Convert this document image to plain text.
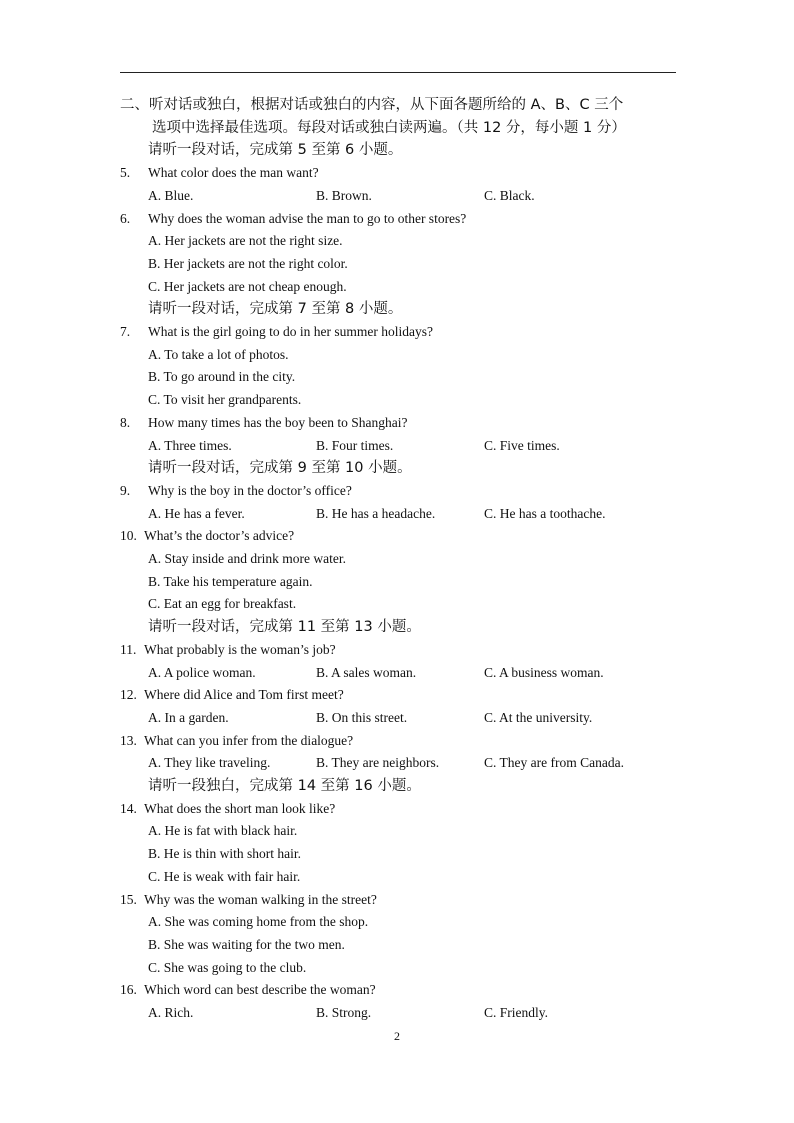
二、听对话或独白，根据对话或独白的内容，从下面各题所给的 A、B、C 三个
选项中选择最佳选项。每段对话或独白读两遍。（共 12 分，每小题 1 分）
请听一段对话，完成第 5 至第 6 小题。
5. What color does the man want?
A. Blue.	B. Brown.	C. Black.
6. Why does the woman advise the man to go to other stores?
A. Her jackets are not the right size.
B. Her jackets are not the right color.
C. Her jackets are not cheap enough.
请听一段对话，完成第 7 至第 8 小题。
7. What is the girl going to do in her summer holidays?
A. To take a lot of photos.
B. To go around in the city.
C. To visit her grandparents.
8. How many times has the boy been to Shanghai?
A. Three times.	B. Four times.	C. Five times.
请听一段对话，完成第 9 至第 10 小题。
9. Why is the boy in the doctor’s office?
A. He has a fever.	B. He has a headache.	C. He has a toothache.
10. What’s the doctor’s advice?
A. Stay inside and drink more water.
B. Take his temperature again.
C. Eat an egg for breakfast.
请听一段对话，完成第 11 至第 13 小题。
11. What probably is the woman’s job?
A. A police woman.	B. A sales woman.	C. A business woman.
12. Where did Alice and Tom first meet?
A. In a garden.	B. On this street.	C. At the university.
13. What can you infer from the dialogue?
A. They like traveling.	B. They are neighbors.	C. They are from Canada.
请听一段独白，完成第 14 至第 16 小题。
14. What does the short man look like?
A. He is fat with black hair.
B. He is thin with short hair.
C. He is weak with fair hair.
15. Why was the woman walking in the street?
A. She was coming home from the shop.
B. She was waiting for the two men.
C. She was going to the club.
16. Which word can best describe the woman?
A. Rich.	B. Strong.	C. Friendly.
2
